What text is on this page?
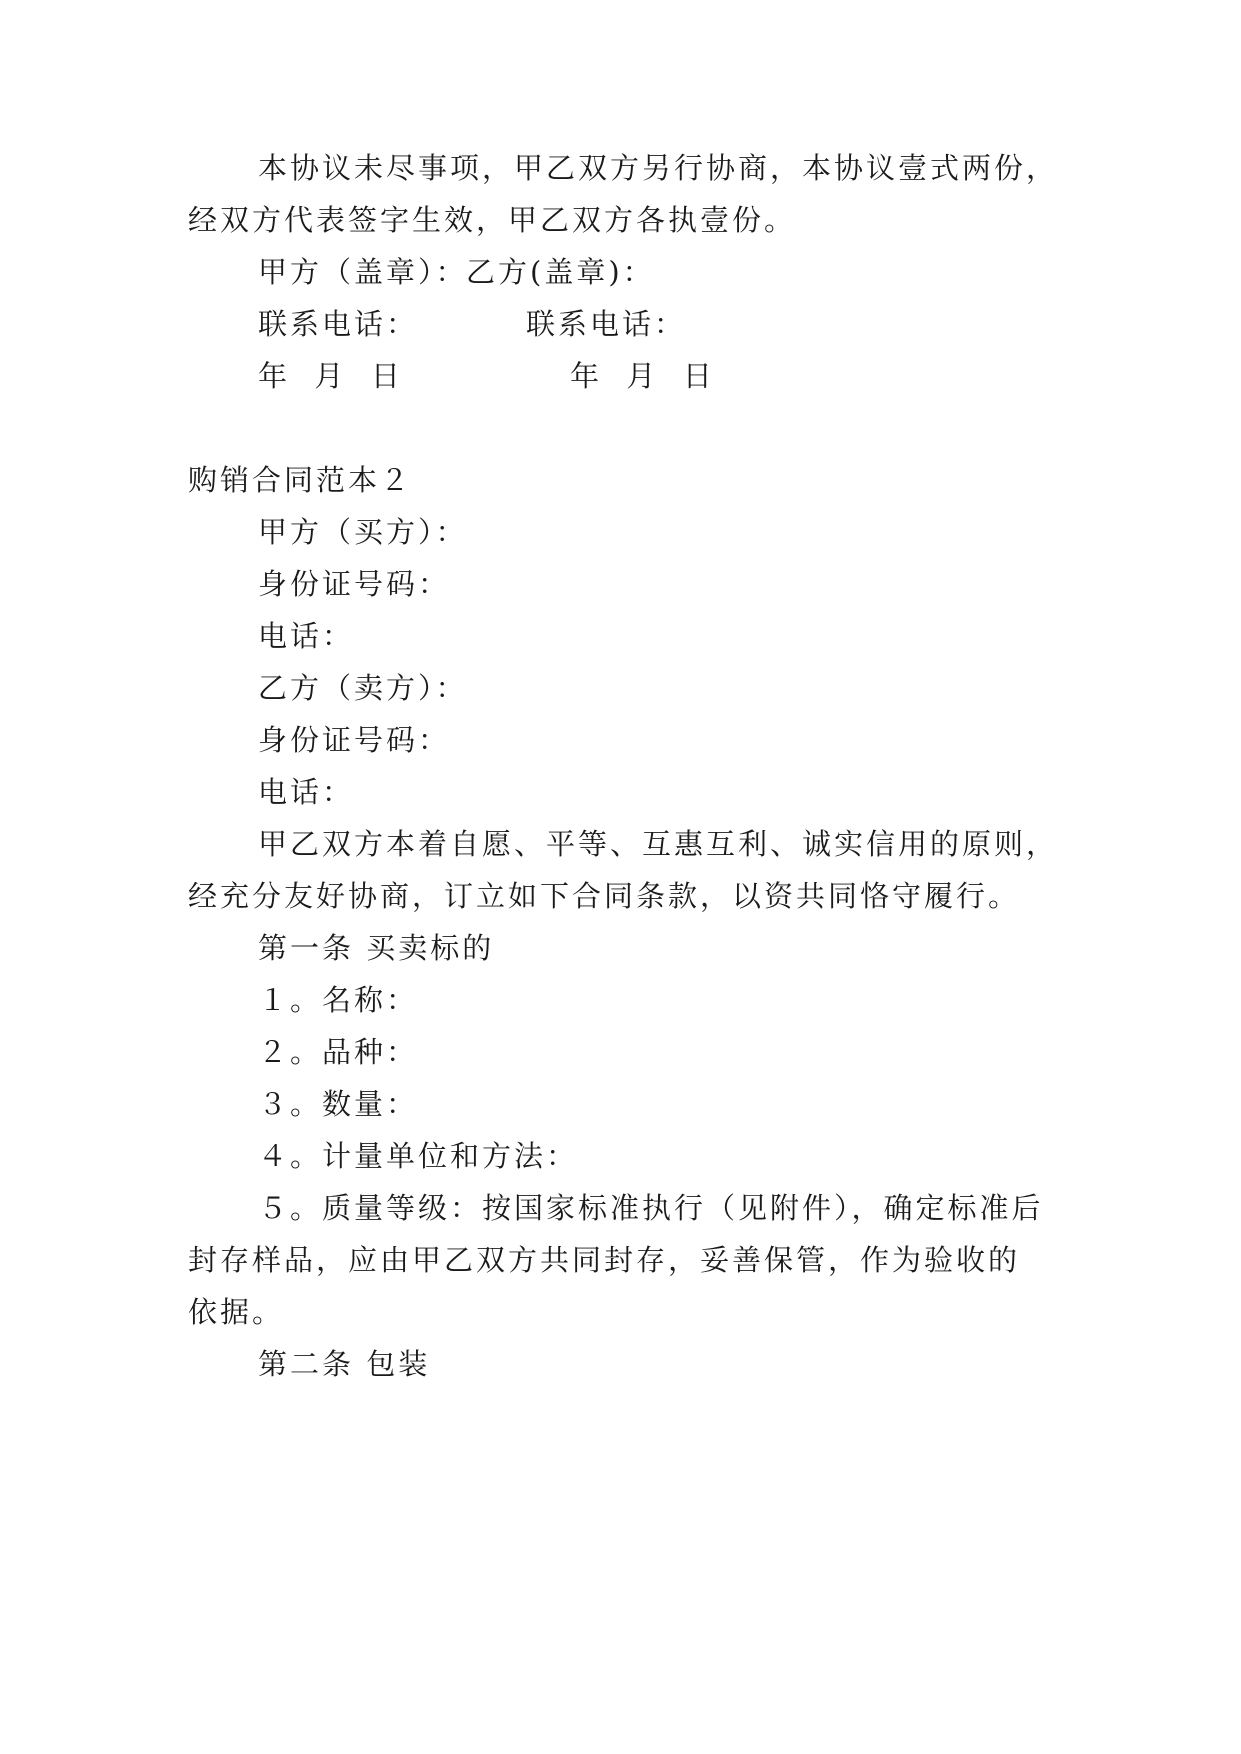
本协议未尽事项，甲乙双方另行协商，本协议壹式两份，
经双方代表签字生效，甲乙双方各执壹份。
甲方（盖章）：
乙方(盖章)：
联系电话：	联系电话：
年  月  日	年  月  日
购销合同范本２
甲方（买方）：
身份证号码：
电话：
乙方（卖方）：
身份证号码：
电话：
甲乙双方本着自愿、平等、互惠互利、诚实信用的原则，
经充分友好协商，订立如下合同条款，以资共同恪守履行。
第一条 买卖标的
１。名称：
２。品种：
３。数量：
４。计量单位和方法：
５。质量等级：按国家标准执行（见附件），确定标准后
封存样品，应由甲乙双方共同封存，妥善保管，作为验收的
依据。
第二条 包装
